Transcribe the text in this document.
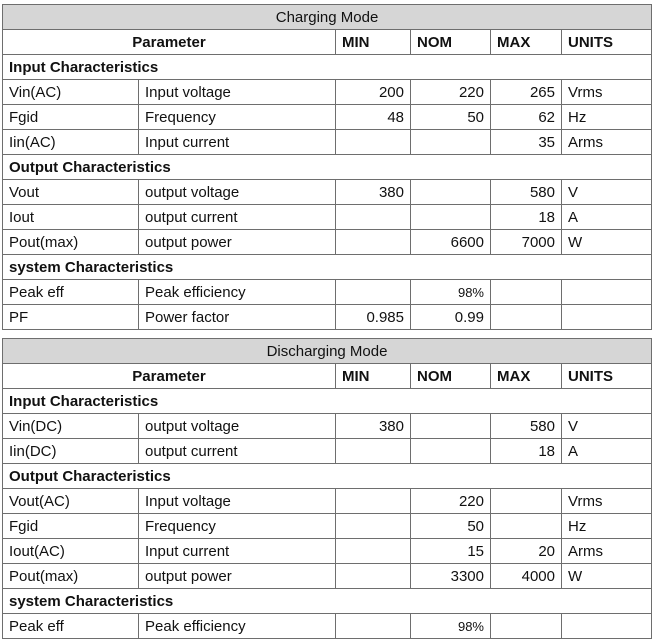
Charging Mode					
Parameter		MIN	NOM	MAX	UNITS
Input Characteristics					
Vin(AC)	Input voltage	200	220	265	Vrms
Fgid	Frequency	48	50	62	Hz
Iin(AC)	Input current			35	Arms
Output Characteristics					
Vout	output voltage	380		580	V
Iout	output current			18	A
Pout(max)	output power		6600	7000	W
system Characteristics					
Peak eff	Peak efficiency		98%		
PF	Power factor	0.985	0.99		
Discharging Mode					
Parameter		MIN	NOM	MAX	UNITS
Input Characteristics					
Vin(DC)	output voltage	380		580	V
Iin(DC)	output current			18	A
Output Characteristics					
Vout(AC)	Input voltage		220		Vrms
Fgid	Frequency		50		Hz
Iout(AC)	Input current		15	20	Arms
Pout(max)	output power		3300	4000	W
system Characteristics					
Peak eff	Peak efficiency		98%		
